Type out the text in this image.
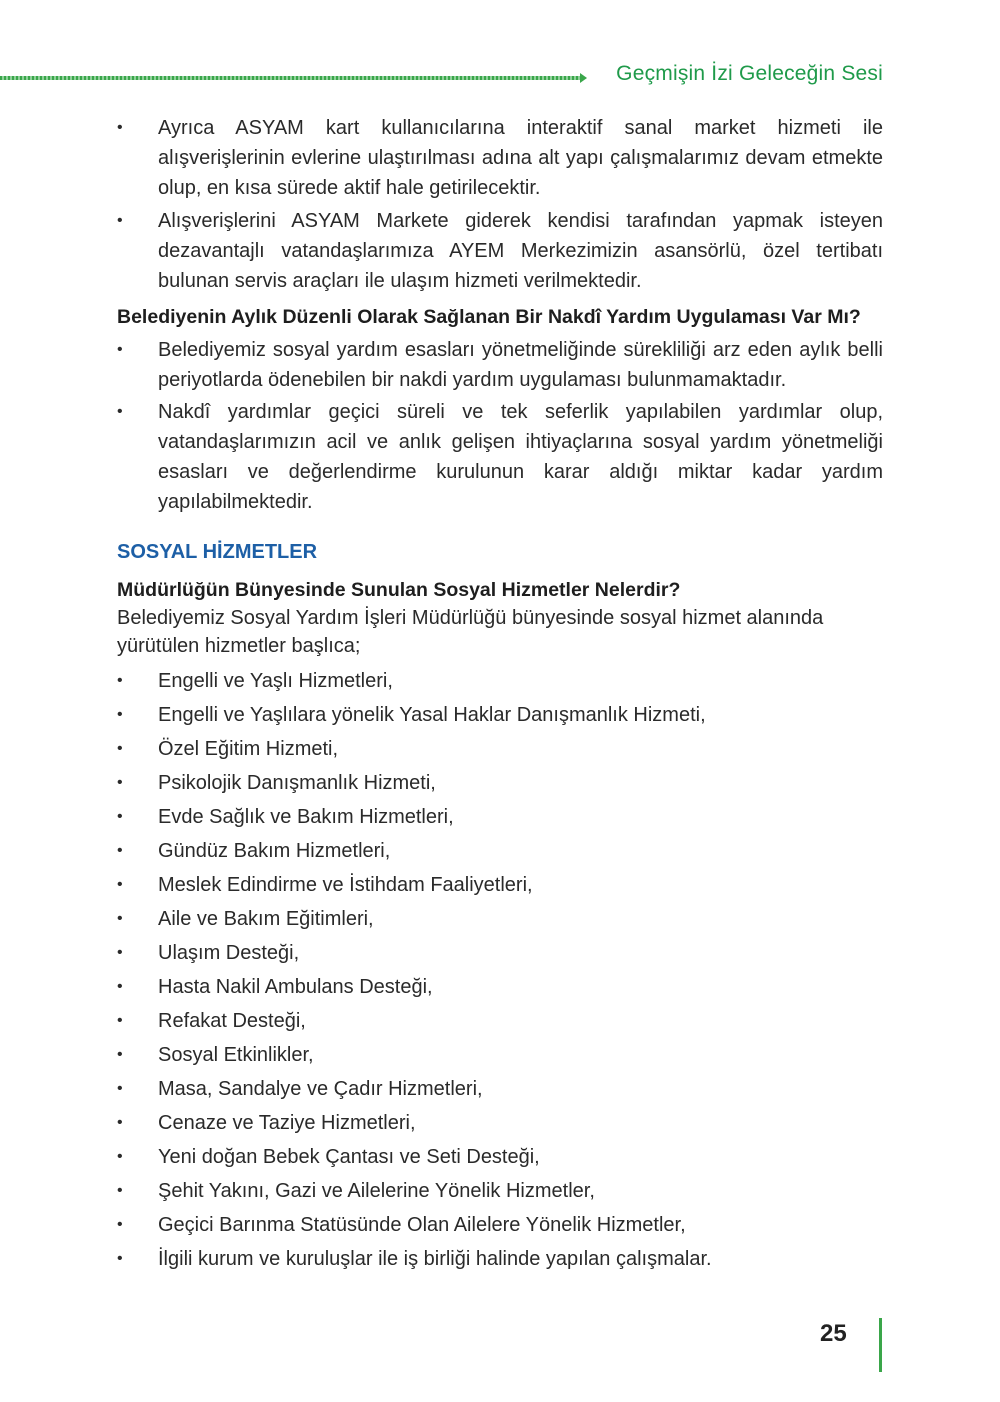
Geçmişin İzi Geleceğin Sesi
• Ayrıca ASYAM kart kullanıcılarına interaktif sanal market hizmeti ile alışverişlerinin evlerine ulaştırılması adına alt yapı çalışmalarımız devam etmekte olup, en kısa sürede aktif hale getirilecektir.
• Alışverişlerini ASYAM Markete giderek kendisi tarafından yapmak isteyen dezavantajlı vatandaşlarımıza AYEM Merkezimizin asansörlü, özel tertibatı bulunan servis araçları ile ulaşım hizmeti verilmektedir.
Belediyenin Aylık Düzenli Olarak Sağlanan Bir Nakdî Yardım Uygulaması Var Mı?
• Belediyemiz sosyal yardım esasları yönetmeliğinde sürekliliği arz eden aylık belli periyotlarda ödenebilen bir nakdi yardım uygulaması bulunmamaktadır.
• Nakdî yardımlar geçici süreli ve tek seferlik yapılabilen yardımlar olup, vatandaşlarımızın acil ve anlık gelişen ihtiyaçlarına sosyal yardım yönetmeliği esasları ve değerlendirme kurulunun karar aldığı miktar kadar yardım yapılabilmektedir.
SOSYAL HİZMETLER
Müdürlüğün Bünyesinde Sunulan Sosyal Hizmetler Nelerdir?

Belediyemiz Sosyal Yardım İşleri Müdürlüğü bünyesinde sosyal hizmet alanında yürütülen hizmetler başlıca;

• Engelli ve Yaşlı Hizmetleri,
• Engelli ve Yaşlılara yönelik Yasal Haklar Danışmanlık Hizmeti,
• Özel Eğitim Hizmeti,
• Psikolojik Danışmanlık Hizmeti,
• Evde Sağlık ve Bakım Hizmetleri,
• Gündüz Bakım Hizmetleri,
• Meslek Edindirme ve İstihdam Faaliyetleri,
• Aile ve Bakım Eğitimleri,
• Ulaşım Desteği,
• Hasta Nakil Ambulans Desteği,
• Refakat Desteği,
• Sosyal Etkinlikler,
• Masa, Sandalye ve Çadır Hizmetleri,
• Cenaze ve Taziye Hizmetleri,
• Yeni doğan Bebek Çantası ve Seti Desteği,
• Şehit Yakını, Gazi ve Ailelerine Yönelik Hizmetler,
• Geçici Barınma Statüsünde Olan Ailelere Yönelik Hizmetler,
• İlgili kurum ve kuruluşlar ile iş birliği halinde yapılan çalışmalar.
25
